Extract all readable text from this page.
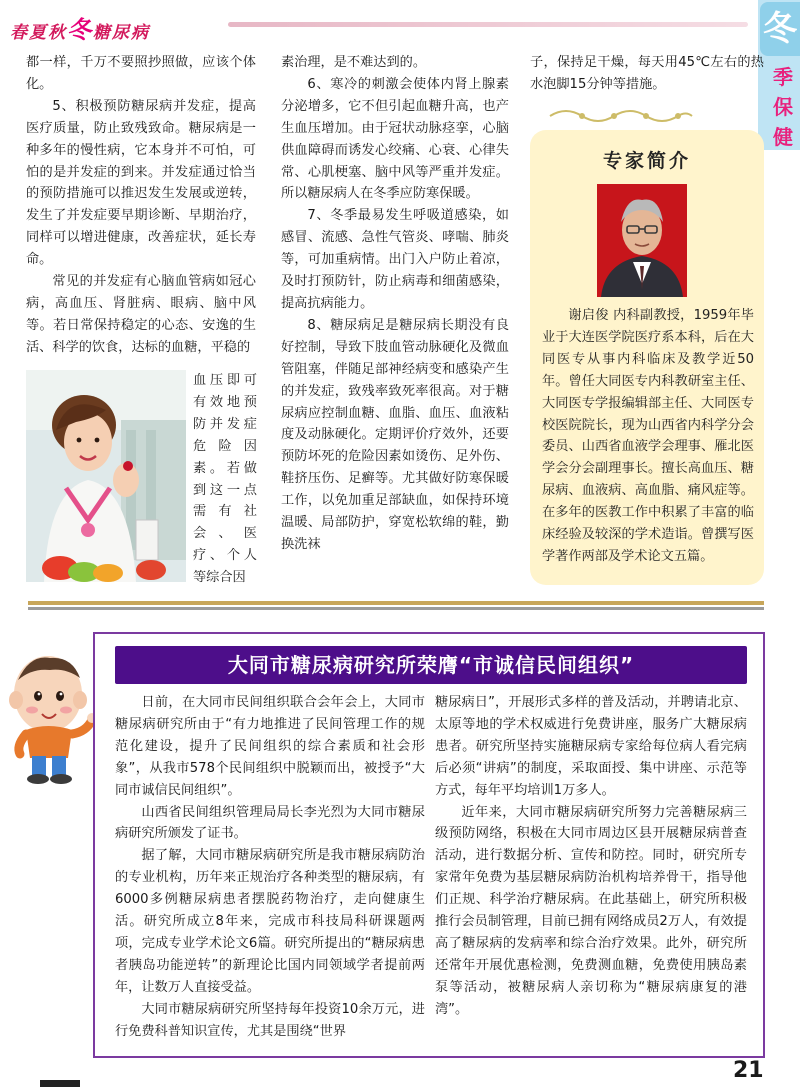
春夏秋冬糖尿病	冬
季保健

都一样，千万不要照抄照做，应该个体化。

5、积极预防糖尿病并发症，提高医疗质量，防止致残致命。糖尿病是一种多年的慢性病，它本身并不可怕，可怕的是并发症的到来。并发症通过恰当的预防措施可以推迟发生发展或逆转，发生了并发症要早期诊断、早期治疗，同样可以增进健康，改善症状，延长寿命。

常见的并发症有心脑血管病如冠心病，高血压、肾脏病、眼病、脑中风等。若日常保持稳定的心态、安逸的生活、科学的饮食，达标的血糖，平稳的

血压即可有效地预防并发症危险因素。若做到这一点需有社会、医疗、个人等综合因

素治理，是不难达到的。

6、寒冷的刺激会使体内肾上腺素分泌增多，它不但引起血糖升高，也产生血压增加。由于冠状动脉痉挛，心脑供血障碍而诱发心绞痛、心衰、心律失常、心肌梗塞、脑中风等严重并发症。所以糖尿病人在冬季应防寒保暖。

7、冬季最易发生呼吸道感染，如感冒、流感、急性气管炎、哮喘、肺炎等，可加重病情。出门入户防止着凉，及时打预防针，防止病毒和细菌感染，提高抗病能力。

8、糖尿病足是糖尿病长期没有良好控制，导致下肢血管动脉硬化及微血管阻塞，伴随足部神经病变和感染产生的并发症，致残率致死率很高。对于糖尿病应控制血糖、血脂、血压、血液粘度及动脉硬化。定期评价疗效外，还要预防坏死的危险因素如烫伤、足外伤、鞋挤压伤、足癣等。尤其做好防寒保暖工作，以免加重足部缺血，如保持环境温暖、局部防护，穿宽松软绵的鞋，勤换洗袜

子，保持足干燥，每天用45℃左右的热水泡脚15分钟等措施。

专家简介

谢启俊 内科副教授，1959年毕业于大连医学院医疗系本科，后在大同医专从事内科临床及教学近50年。曾任大同医专内科教研室主任、大同医专学报编辑部主任、大同医专校医院院长，现为山西省内科学分会委员、山西省血液学会理事、雁北医学会分会副理事长。擅长高血压、糖尿病、血液病、高血脂、痛风症等。在多年的医教工作中积累了丰富的临床经验及较深的学术造诣。曾撰写医学著作两部及学术论文五篇。

大同市糖尿病研究所荣膺“市诚信民间组织”

日前，在大同市民间组织联合会年会上，大同市糖尿病研究所由于“有力地推进了民间管理工作的规范化建设，提升了民间组织的综合素质和社会形象”，从我市578个民间组织中脱颖而出，被授予“大同市诚信民间组织”。

山西省民间组织管理局局长李光烈为大同市糖尿病研究所颁发了证书。

据了解，大同市糖尿病研究所是我市糖尿病防治的专业机构，历年来正规治疗各种类型的糖尿病，有6000多例糖尿病患者摆脱药物治疗，走向健康生活。研究所成立8年来，完成市科技局科研课题两项，完成专业学术论文6篇。研究所提出的“糖尿病患者胰岛功能逆转”的新理论比国内同领域学者提前两年，让数万人直接受益。

大同市糖尿病研究所坚持每年投资10余万元，进行免费科普知识宣传，尤其是围绕“世界

糖尿病日”，开展形式多样的普及活动，并聘请北京、太原等地的学术权威进行免费讲座，服务广大糖尿病患者。研究所坚持实施糖尿病专家给每位病人看完病后必须“讲病”的制度，采取面授、集中讲座、示范等方式，每年平均培训1万多人。

近年来，大同市糖尿病研究所努力完善糖尿病三级预防网络，积极在大同市周边区县开展糖尿病普查活动，进行数据分析、宣传和防控。同时，研究所专家常年免费为基层糖尿病防治机构培养骨干，指导他们正规、科学治疗糖尿病。在此基础上，研究所积极推行会员制管理，目前已拥有网络成员2万人，有效提高了糖尿病的发病率和综合治疗效果。此外，研究所还常年开展优惠检测，免费测血糖，免费使用胰岛素泵等活动，被糖尿病人亲切称为“糖尿病康复的港湾”。

21
